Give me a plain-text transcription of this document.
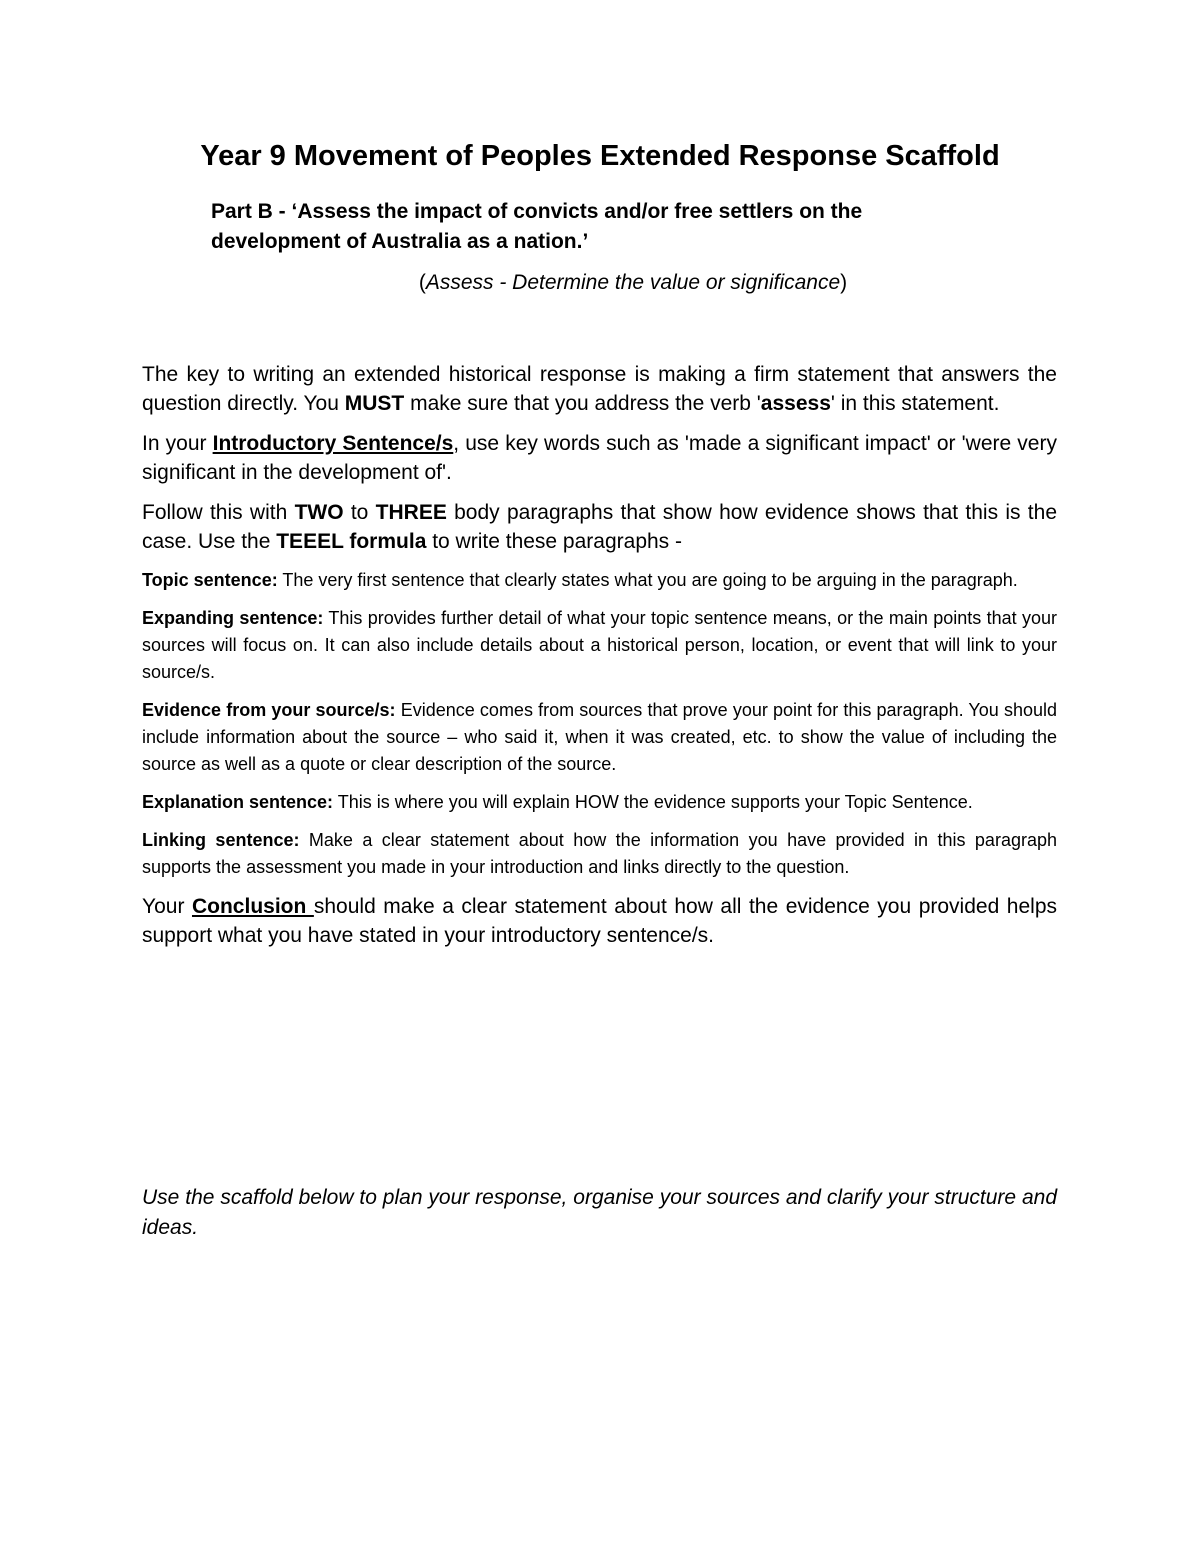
Year 9 Movement of Peoples Extended Response Scaffold

Part B - ‘Assess the impact of convicts and/or free settlers on the development of Australia as a nation.’

(Assess - Determine the value or significance)

The key to writing an extended historical response is making a firm statement that answers the question directly. You MUST make sure that you address the verb 'assess' in this statement.

In your Introductory Sentence/s, use key words such as 'made a significant impact' or 'were very significant in the development of'.

Follow this with TWO to THREE body paragraphs that show how evidence shows that this is the case. Use the TEEEL formula to write these paragraphs -

Topic sentence: The very first sentence that clearly states what you are going to be arguing in the paragraph.

Expanding sentence: This provides further detail of what your topic sentence means, or the main points that your sources will focus on. It can also include details about a historical person, location, or event that will link to your source/s.

Evidence from your source/s: Evidence comes from sources that prove your point for this paragraph. You should include information about the source – who said it, when it was created, etc. to show the value of including the source as well as a quote or clear description of the source.

Explanation sentence: This is where you will explain HOW the evidence supports your Topic Sentence.

Linking sentence: Make a clear statement about how the information you have provided in this paragraph supports the assessment you made in your introduction and links directly to the question.

Your Conclusion should make a clear statement about how all the evidence you provided helps support what you have stated in your introductory sentence/s.

Use the scaffold below to plan your response, organise your sources and clarify your structure and ideas.
